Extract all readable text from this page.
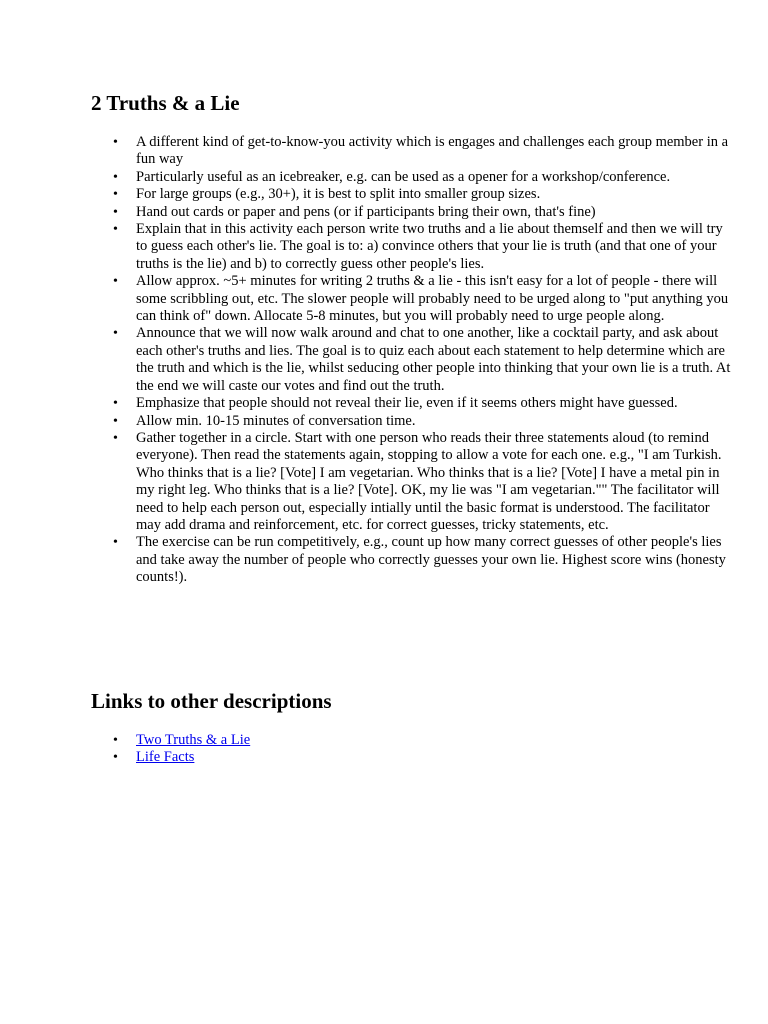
2 Truths & a Lie
• A different kind of get-to-know-you activity which is engages and challenges each group member in a fun way
• Particularly useful as an icebreaker, e.g. can be used as a opener for a workshop/conference.
• For large groups (e.g., 30+), it is best to split into smaller group sizes.
• Hand out cards or paper and pens (or if participants bring their own, that's fine)
• Explain that in this activity each person write two truths and a lie about themself and then we will try to guess each other's lie. The goal is to: a) convince others that your lie is truth (and that one of your truths is the lie) and b) to correctly guess other people's lies.
• Allow approx. ~5+ minutes for writing 2 truths & a lie - this isn't easy for a lot of people - there will some scribbling out, etc. The slower people will probably need to be urged along to "put anything you can think of" down. Allocate 5-8 minutes, but you will probably need to urge people along.
• Announce that we will now walk around and chat to one another, like a cocktail party, and ask about each other's truths and lies. The goal is to quiz each about each statement to help determine which are the truth and which is the lie, whilst seducing other people into thinking that your own lie is a truth. At the end we will caste our votes and find out the truth.
• Emphasize that people should not reveal their lie, even if it seems others might have guessed.
• Allow min. 10-15 minutes of conversation time.
• Gather together in a circle. Start with one person who reads their three statements aloud (to remind everyone). Then read the statements again, stopping to allow a vote for each one. e.g., "I am Turkish. Who thinks that is a lie? [Vote] I am vegetarian. Who thinks that is a lie? [Vote] I have a metal pin in my right leg. Who thinks that is a lie? [Vote]. OK, my lie was "I am vegetarian."" The facilitator will need to help each person out, especially intially until the basic format is understood. The facilitator may add drama and reinforcement, etc. for correct guesses, tricky statements, etc.
• The exercise can be run competitively, e.g., count up how many correct guesses of other people's lies and take away the number of people who correctly guesses your own lie. Highest score wins (honesty counts!).
Links to other descriptions
• Two Truths & a Lie
• Life Facts
